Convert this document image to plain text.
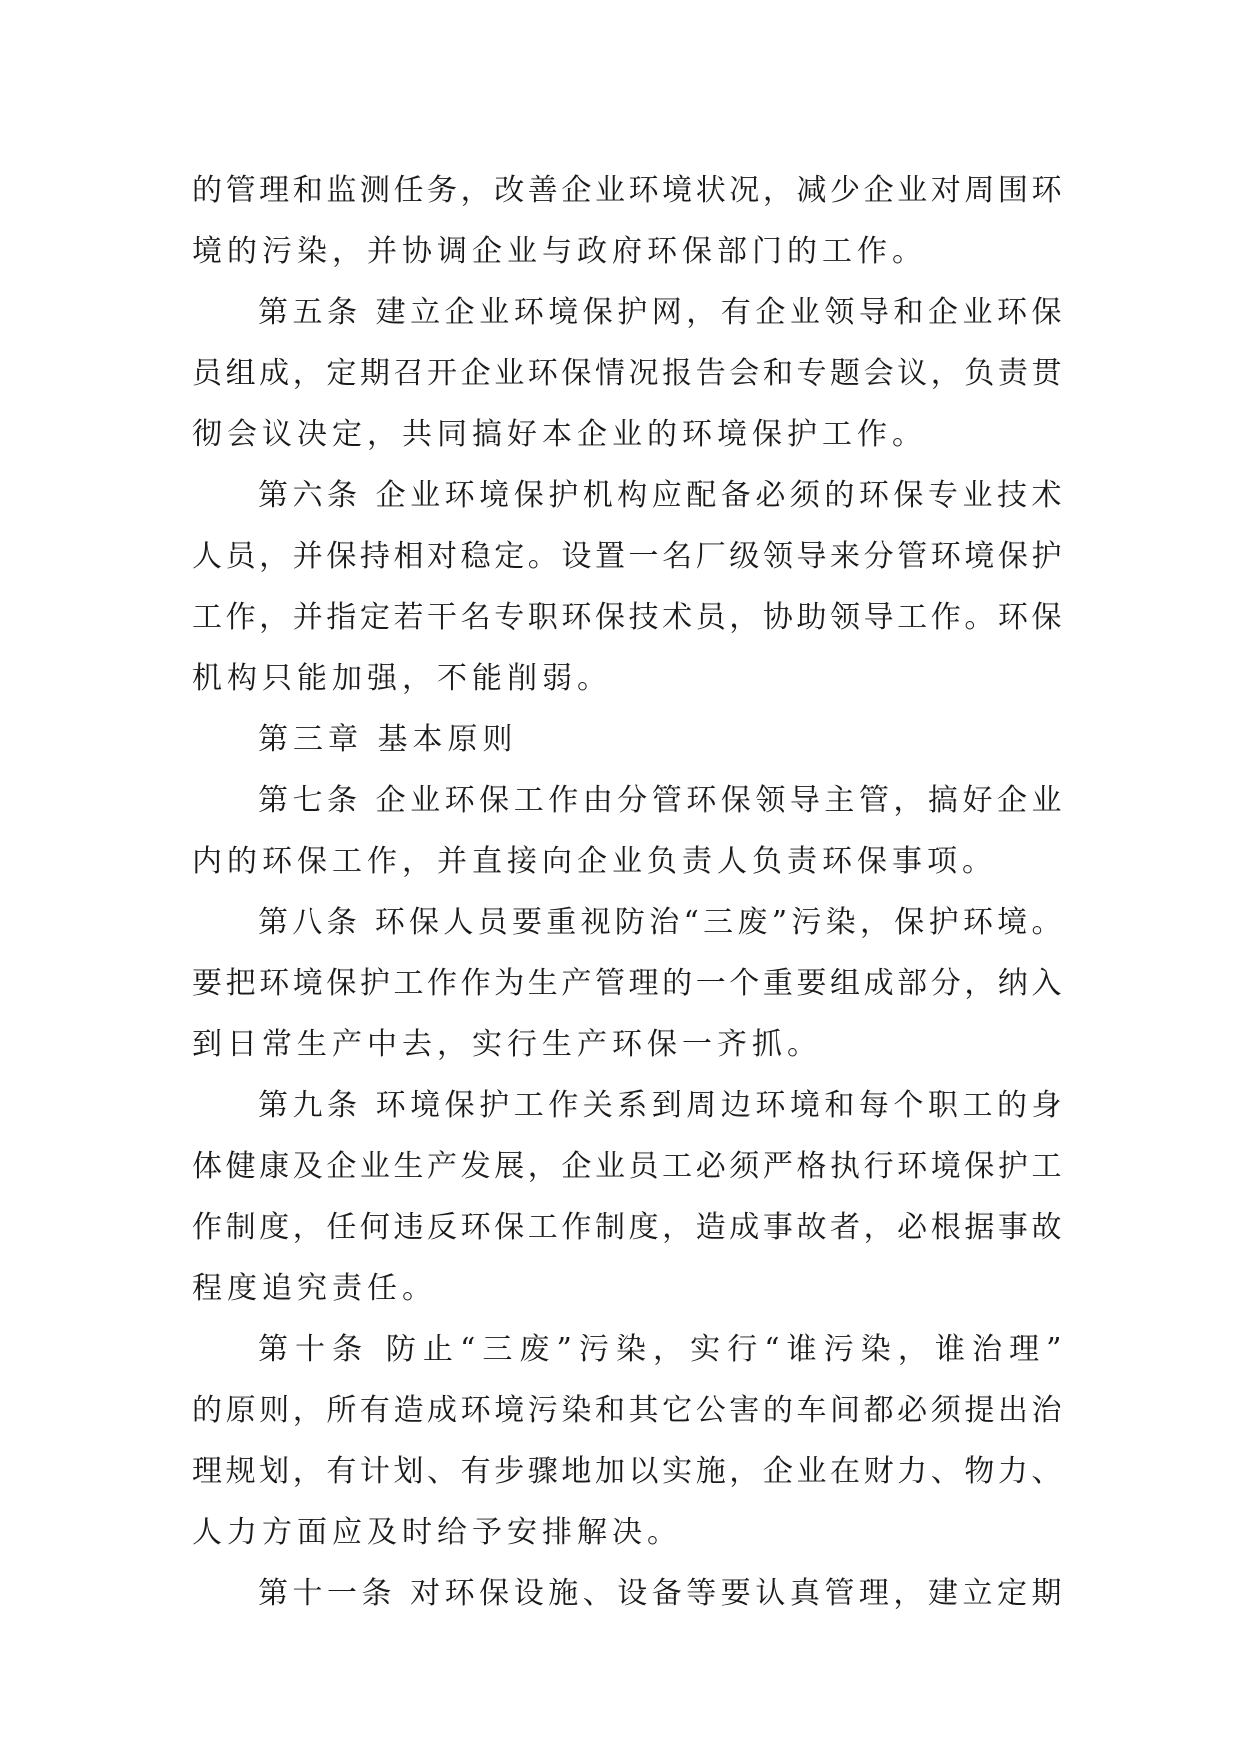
的管理和监测任务，改善企业环境状况，减少企业对周围环
境的污染，并协调企业与政府环保部门的工作。
第五条 建立企业环境保护网，有企业领导和企业环保
员组成，定期召开企业环保情况报告会和专题会议，负责贯
彻会议决定，共同搞好本企业的环境保护工作。
第六条 企业环境保护机构应配备必须的环保专业技术
人员，并保持相对稳定。设置一名厂级领导来分管环境保护
工作，并指定若干名专职环保技术员，协助领导工作。环保
机构只能加强，不能削弱。
第三章 基本原则
第七条 企业环保工作由分管环保领导主管，搞好企业
内的环保工作，并直接向企业负责人负责环保事项。
第八条 环保人员要重视防治“三废”污染，保护环境。
要把环境保护工作作为生产管理的一个重要组成部分，纳入
到日常生产中去，实行生产环保一齐抓。
第九条 环境保护工作关系到周边环境和每个职工的身
体健康及企业生产发展，企业员工必须严格执行环境保护工
作制度，任何违反环保工作制度，造成事故者，必根据事故
程度追究责任。
第十条 防止“三废”污染，实行“谁污染，谁治理”
的原则，所有造成环境污染和其它公害的车间都必须提出治
理规划，有计划、有步骤地加以实施，企业在财力、物力、
人力方面应及时给予安排解决。
第十一条 对环保设施、设备等要认真管理，建立定期
